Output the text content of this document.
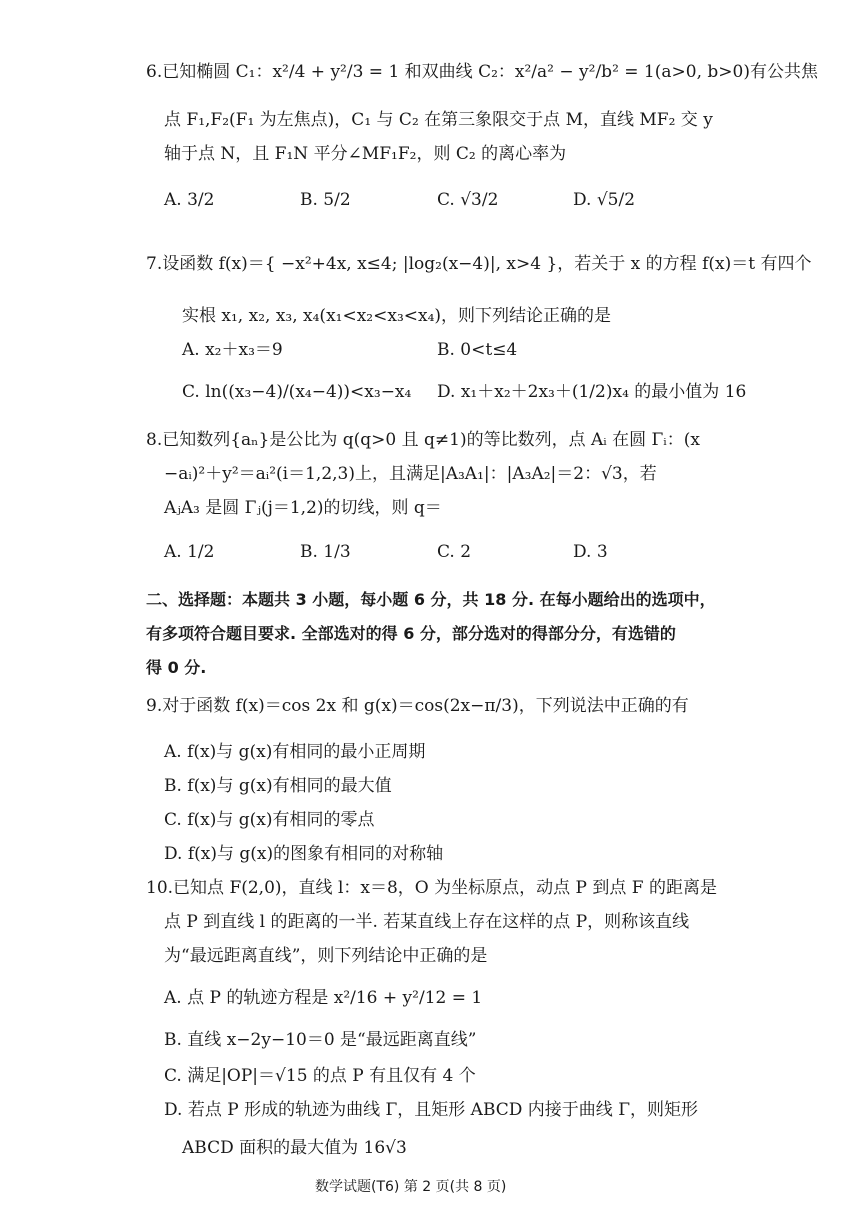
6.已知椭圆 C₁：x²/4 + y²/3 = 1 和双曲线 C₂：x²/a² − y²/b² = 1(a>0, b>0)有公共焦
点 F₁,F₂(F₁ 为左焦点)，C₁ 与 C₂ 在第三象限交于点 M，直线 MF₂ 交 y
轴于点 N，且 F₁N 平分∠MF₁F₂，则 C₂ 的离心率为
A. 3/2	B. 5/2	C. √3/2	D. √5/2
7.设函数 f(x)＝{ −x²+4x, x≤4; |log₂(x−4)|, x>4 }，若关于 x 的方程 f(x)＝t 有四个
实根 x₁, x₂, x₃, x₄(x₁<x₂<x₃<x₄)，则下列结论正确的是
A. x₂＋x₃＝9	B. 0<t≤4
C. ln((x₃−4)/(x₄−4))<x₃−x₄ D. x₁＋x₂＋2x₃＋(1/2)x₄ 的最小值为 16
8.已知数列{aₙ}是公比为 q(q>0 且 q≠1)的等比数列，点 Aᵢ 在圆 Γᵢ：(x
−aᵢ)²＋y²＝aᵢ²(i＝1,2,3)上，且满足|A₃A₁|：|A₃A₂|＝2：√3，若
AⱼA₃ 是圆 Γⱼ(j＝1,2)的切线，则 q＝
A. 1/2	B. 1/3	C. 2	D. 3
二、选择题：本题共 3 小题，每小题 6 分，共 18 分. 在每小题给出的选项中，
有多项符合题目要求. 全部选对的得 6 分，部分选对的得部分分，有选错的
得 0 分.
9.对于函数 f(x)＝cos 2x 和 g(x)＝cos(2x−π/3)，下列说法中正确的有
A. f(x)与 g(x)有相同的最小正周期
B. f(x)与 g(x)有相同的最大值
C. f(x)与 g(x)有相同的零点
D. f(x)与 g(x)的图象有相同的对称轴
10.已知点 F(2,0)，直线 l：x＝8，O 为坐标原点，动点 P 到点 F 的距离是
点 P 到直线 l 的距离的一半. 若某直线上存在这样的点 P，则称该直线
为“最远距离直线”，则下列结论中正确的是
A. 点 P 的轨迹方程是 x²/16 + y²/12 = 1
B. 直线 x−2y−10＝0 是“最远距离直线”
C. 满足|OP|＝√15 的点 P 有且仅有 4 个
D. 若点 P 形成的轨迹为曲线 Γ，且矩形 ABCD 内接于曲线 Γ，则矩形
ABCD 面积的最大值为 16√3
数学试题(T6) 第 2 页(共 8 页)
